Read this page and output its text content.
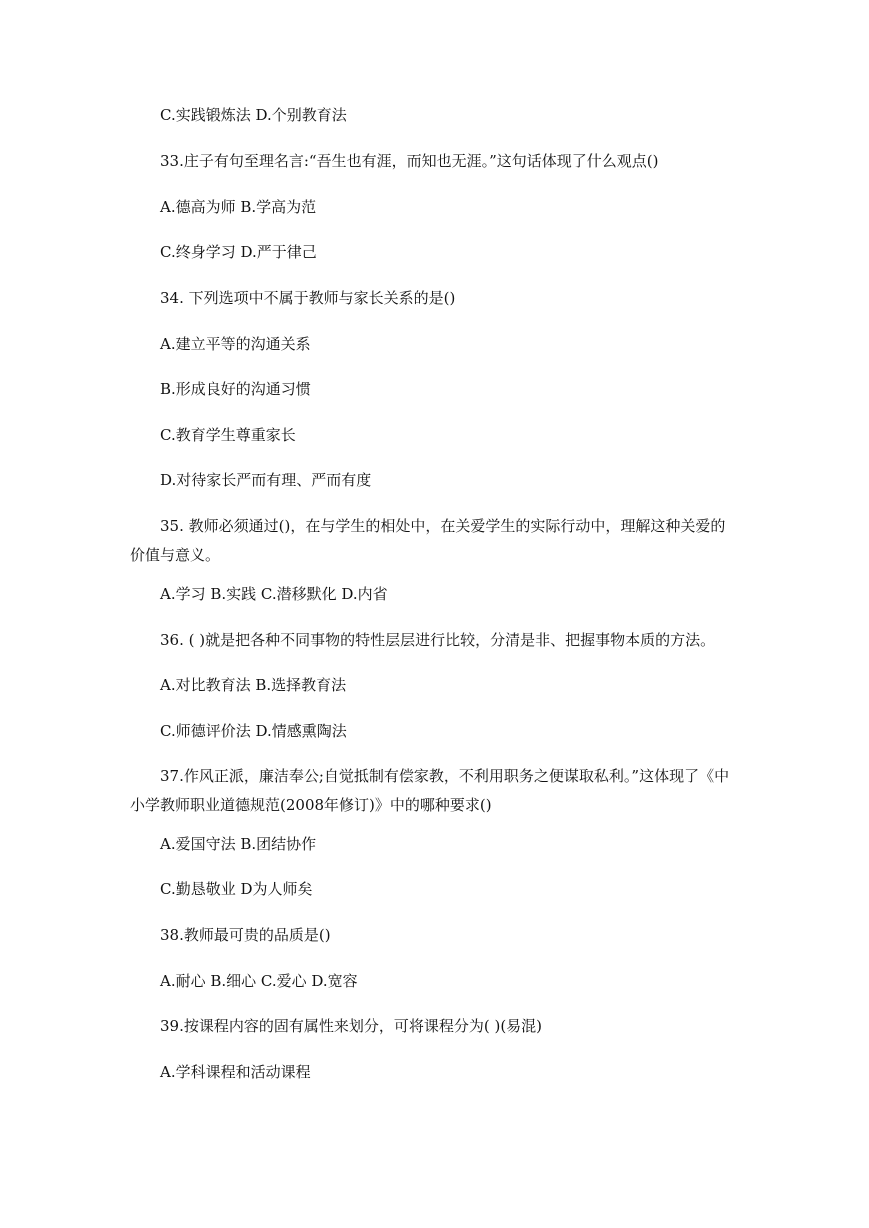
C.实践锻炼法 D.个别教育法
33.庄子有句至理名言:“吾生也有涯，而知也无涯。”这句话体现了什么观点()
A.德高为师 B.学高为范
C.终身学习 D.严于律己
34. 下列选项中不属于教师与家长关系的是()
A.建立平等的沟通关系
B.形成良好的沟通习惯
C.教育学生尊重家长
D.对待家长严而有理、严而有度
35. 教师必须通过()，在与学生的相处中，在关爱学生的实际行动中，理解这种关爱的价值与意义。
A.学习 B.实践 C.潜移默化 D.内省
36. ( )就是把各种不同事物的特性层层进行比较，分清是非、把握事物本质的方法。
A.对比教育法 B.选择教育法
C.师德评价法 D.情感熏陶法
37.作风正派，廉洁奉公;自觉抵制有偿家教，不利用职务之便谋取私利。”这体现了《中小学教师职业道德规范(2008年修订)》中的哪种要求()
A.爱国守法 B.团结协作
C.勤恳敬业 D为人师矣
38.教师最可贵的品质是()
A.耐心 B.细心 C.爱心 D.宽容
39.按课程内容的固有属性来划分，可将课程分为( )(易混)
A.学科课程和活动课程
